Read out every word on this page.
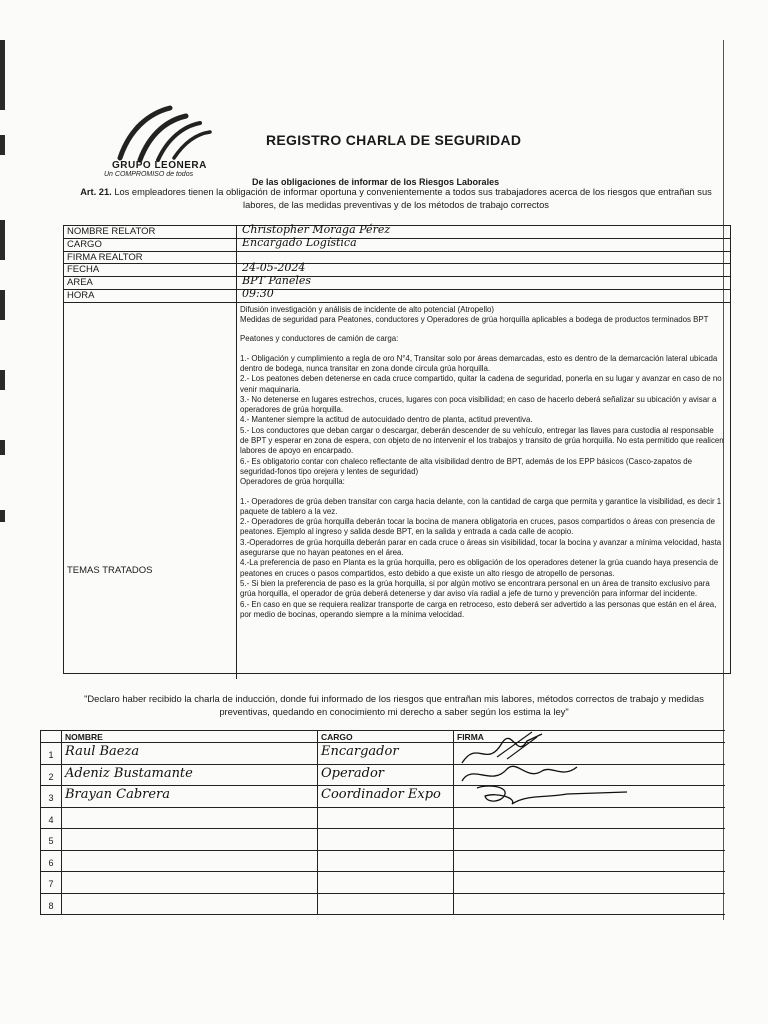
GRUPO LEONERA
Un COMPROMISO de todos
REGISTRO CHARLA DE SEGURIDAD
De las obligaciones de informar de los Riesgos Laborales
Art. 21. Los empleadores tienen la obligación de informar oportuna y convenientemente a todos sus trabajadores acerca de los riesgos que entrañan sus labores, de las medidas preventivas y de los métodos de trabajo correctos
NOMBRE RELATOR	Christopher Moraga Pérez
CARGO	Encargado Logística
FIRMA REALTOR
FECHA	24-05-2024
AREA	BPT Paneles
HORA	09:30
TEMAS TRATADOS

Difusión investigación y análisis de incidente de alto potencial (Atropello)

Medidas de seguridad para Peatones, conductores y Operadores de grúa horquilla aplicables a bodega de productos terminados BPT

Peatones y conductores de camión de carga:

1.- Obligación y cumplimiento a regla de oro N°4, Transitar solo por áreas demarcadas, esto es dentro de la demarcación lateral ubicada dentro de bodega, nunca transitar en zona donde circula grúa horquilla.

2.- Los peatones deben detenerse en cada cruce compartido, quitar la cadena de seguridad, ponerla en su lugar y avanzar en caso de no venir maquinaria.

3.- No detenerse en lugares estrechos, cruces, lugares con poca visibilidad; en caso de hacerlo deberá señalizar su ubicación y avisar a operadores de grúa horquilla.

4.- Mantener siempre la actitud de autocuidado dentro de planta, actitud preventiva.

5.- Los conductores que deban cargar o descargar, deberán descender de su vehículo, entregar las llaves para custodia al responsable de BPT y esperar en zona de espera, con objeto de no intervenir el los trabajos y transito de grúa horquilla. No esta permitido que realicen labores de apoyo en encarpado.

6.- Es obligatorio contar con chaleco reflectante de alta visibilidad dentro de BPT, además de los EPP básicos (Casco-zapatos de seguridad-fonos tipo orejera y lentes de seguridad)

Operadores de grúa horquilla:

1.- Operadores de grúa deben transitar con carga hacia delante, con la cantidad de carga que permita y garantice la visibilidad, es decir 1 paquete de tablero a la vez.

2.- Operadores de grúa horquilla deberán tocar la bocina de manera obligatoria en cruces, pasos compartidos o áreas con presencia de peatones. Ejemplo al ingreso y salida desde BPT, en la salida y entrada a cada calle de acopio.

3.-Operadorres de grúa horquilla deberán parar en cada cruce o áreas sin visibilidad, tocar la bocina y avanzar a mínima velocidad, hasta asegurarse que no hayan peatones en el área.

4.-La preferencia de paso en Planta es la grúa horquilla, pero es obligación de los operadores detener la grúa cuando haya presencia de peatones en cruces o pasos compartidos, esto debido a que existe un alto riesgo de atropello de personas.

5.- Si bien la preferencia de paso es la grúa horquilla, si por algún motivo se encontrara personal en un área de transito exclusivo para grúa horquilla, el operador de grúa deberá detenerse y dar aviso vía radial a jefe de turno y prevención para informar del incidente.

6.- En caso en que se requiera realizar transporte de carga en retroceso, esto deberá ser advertido a las personas que están en el área, por medio de bocinas, operando siempre a la mínima velocidad.

"Declaro haber recibido la charla de inducción, donde fui informado de los riesgos que entrañan mis labores, métodos correctos de trabajo y medidas preventivas, quedando en conocimiento mi derecho a saber según los estima la ley"
NOMBRE	CARGO	FIRMA
1 Raul Baeza	Encargador
2 Adeniz Bustamante	Operador
3 Brayan Cabrera	Coordinador Expo
4
5
6
7
8
